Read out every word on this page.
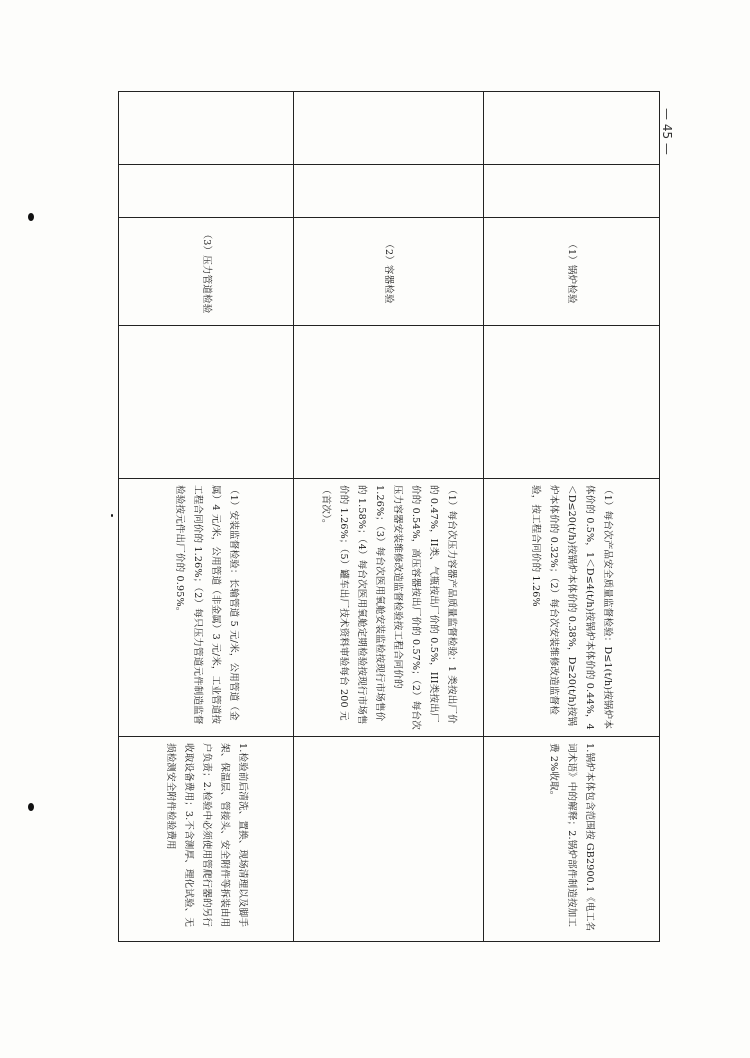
		（1）锅炉检验		（1）每台次产品安全质量监督检验：D≤1(t/h)按锅炉本体价的 0.5%，1＜D≤4(t/h)按锅炉本体价的 0.44%，4＜D≤20(t/h)按锅炉本体价的 0.38%，D≥20(t/h)按锅炉本体价的 0.32%；（2）每台次安装维修改造监督检验，按工程合同价的 1.26%	1.锅炉本体包含范围按 GB2900.1《电工名词术语》中的解释；2.锅炉部件制造按加工费 2%收取。
		（2）容器检验		（1）每台次压力容器产品质量监督检验：1 类按出厂价的 0.47%，II类、气瓶按出厂价的 0.5%，III类按出厂价的 0.54%，高压容器按出厂价的 0.57%；（2）每台次压力容器安装维修改造监督检验按工程合同价的 1.26%；（3）每台次医用氧舱安装监检按现行市场售价的 1.58%；（4）每台次医用氧舱定期检验按现行市场售价的 1.26%；（5）罐车出厂技术资料审验每台 200 元（首次）。	
		（3）压力管道检验		（1）安装监督检验：长输管道 5 元/米，公用管道（金属）4 元/米，公用管道（非金属）3 元/米，工业管道按工程合同价的 1.26%；（2）每只压力管道元件制造监督检验按元件出厂价的 0.95%。	1.检验前后清洗、置换、现场清理以及脚手架、保温层、管接头、安全附件等拆装由用户负责；2.检验中必须使用管爬行器的另行收取设备费用；3.不含测厚、理化试验、无损检测安全附件检验费用
— 45 —
